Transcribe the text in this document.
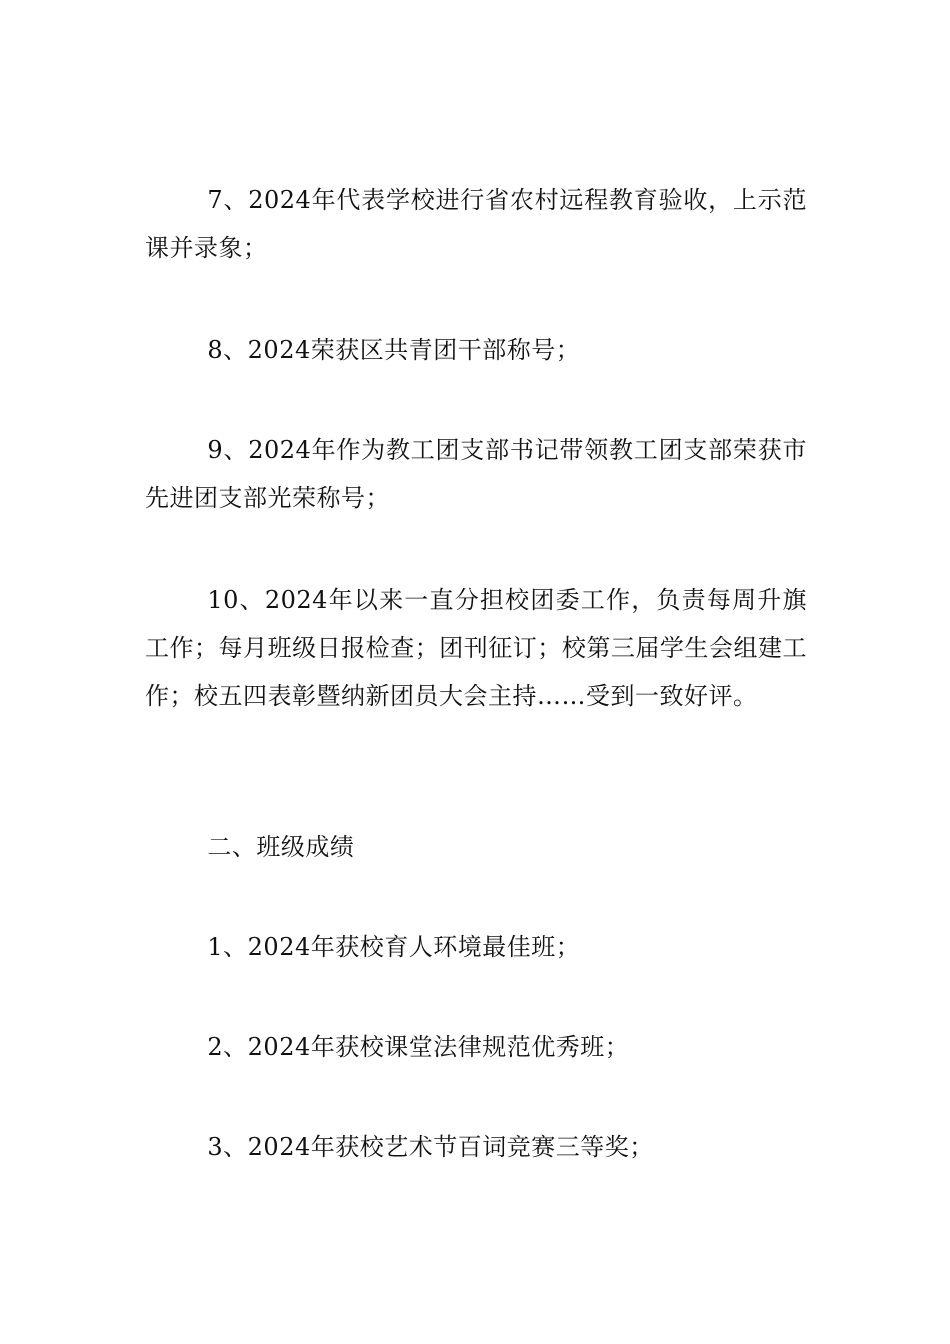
7、2024年代表学校进行省农村远程教育验收，上示范课并录象；

8、2024荣获区共青团干部称号；

9、2024年作为教工团支部书记带领教工团支部荣获市先进团支部光荣称号；

10、2024年以来一直分担校团委工作，负责每周升旗工作；每月班级日报检查；团刊征订；校第三届学生会组建工作；校五四表彰暨纳新团员大会主持……受到一致好评。

二、班级成绩

1、2024年获校育人环境最佳班；

2、2024年获校课堂法律规范优秀班；

3、2024年获校艺术节百词竞赛三等奖；
